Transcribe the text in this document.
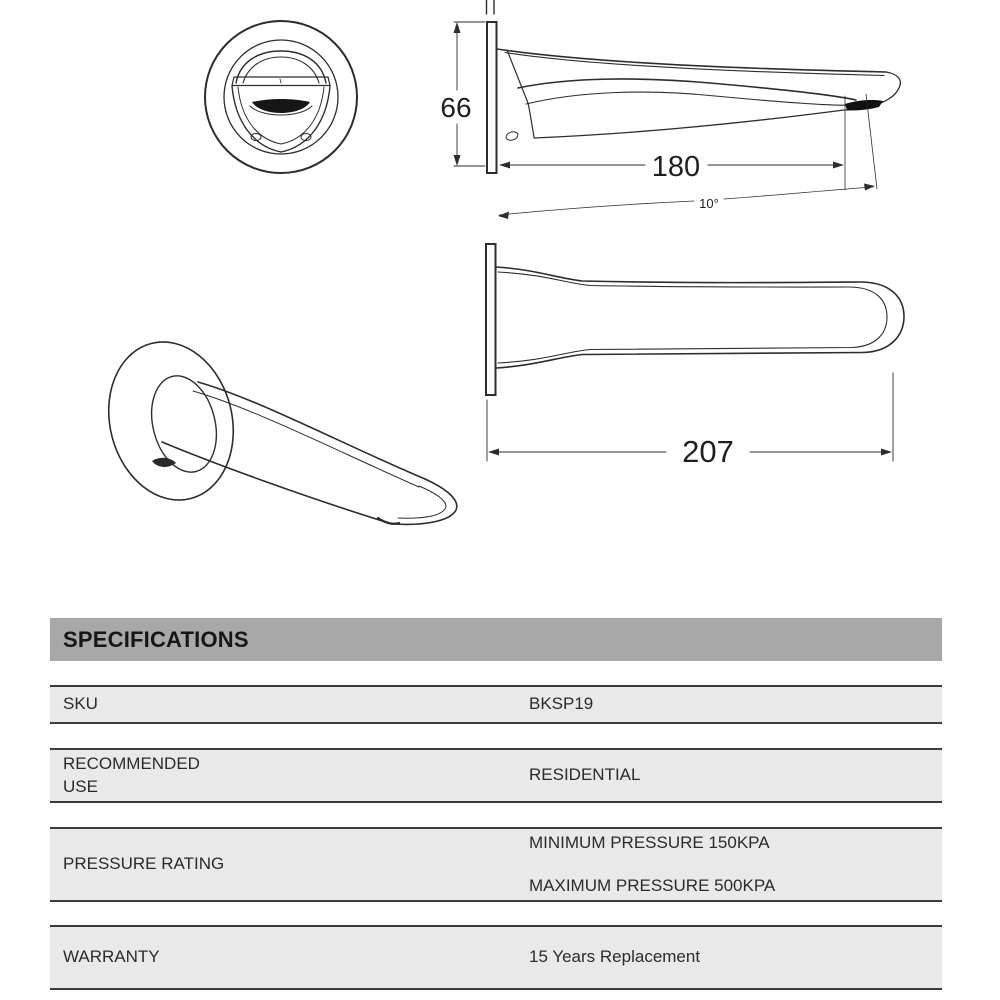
66
180
10°
207
SPECIFICATIONS
SKU	BKSP19
RECOMMENDED
USE
RESIDENTIAL
PRESSURE RATING
MINIMUM PRESSURE 150KPA
MAXIMUM PRESSURE 500KPA
WARRANTY	15 Years Replacement
